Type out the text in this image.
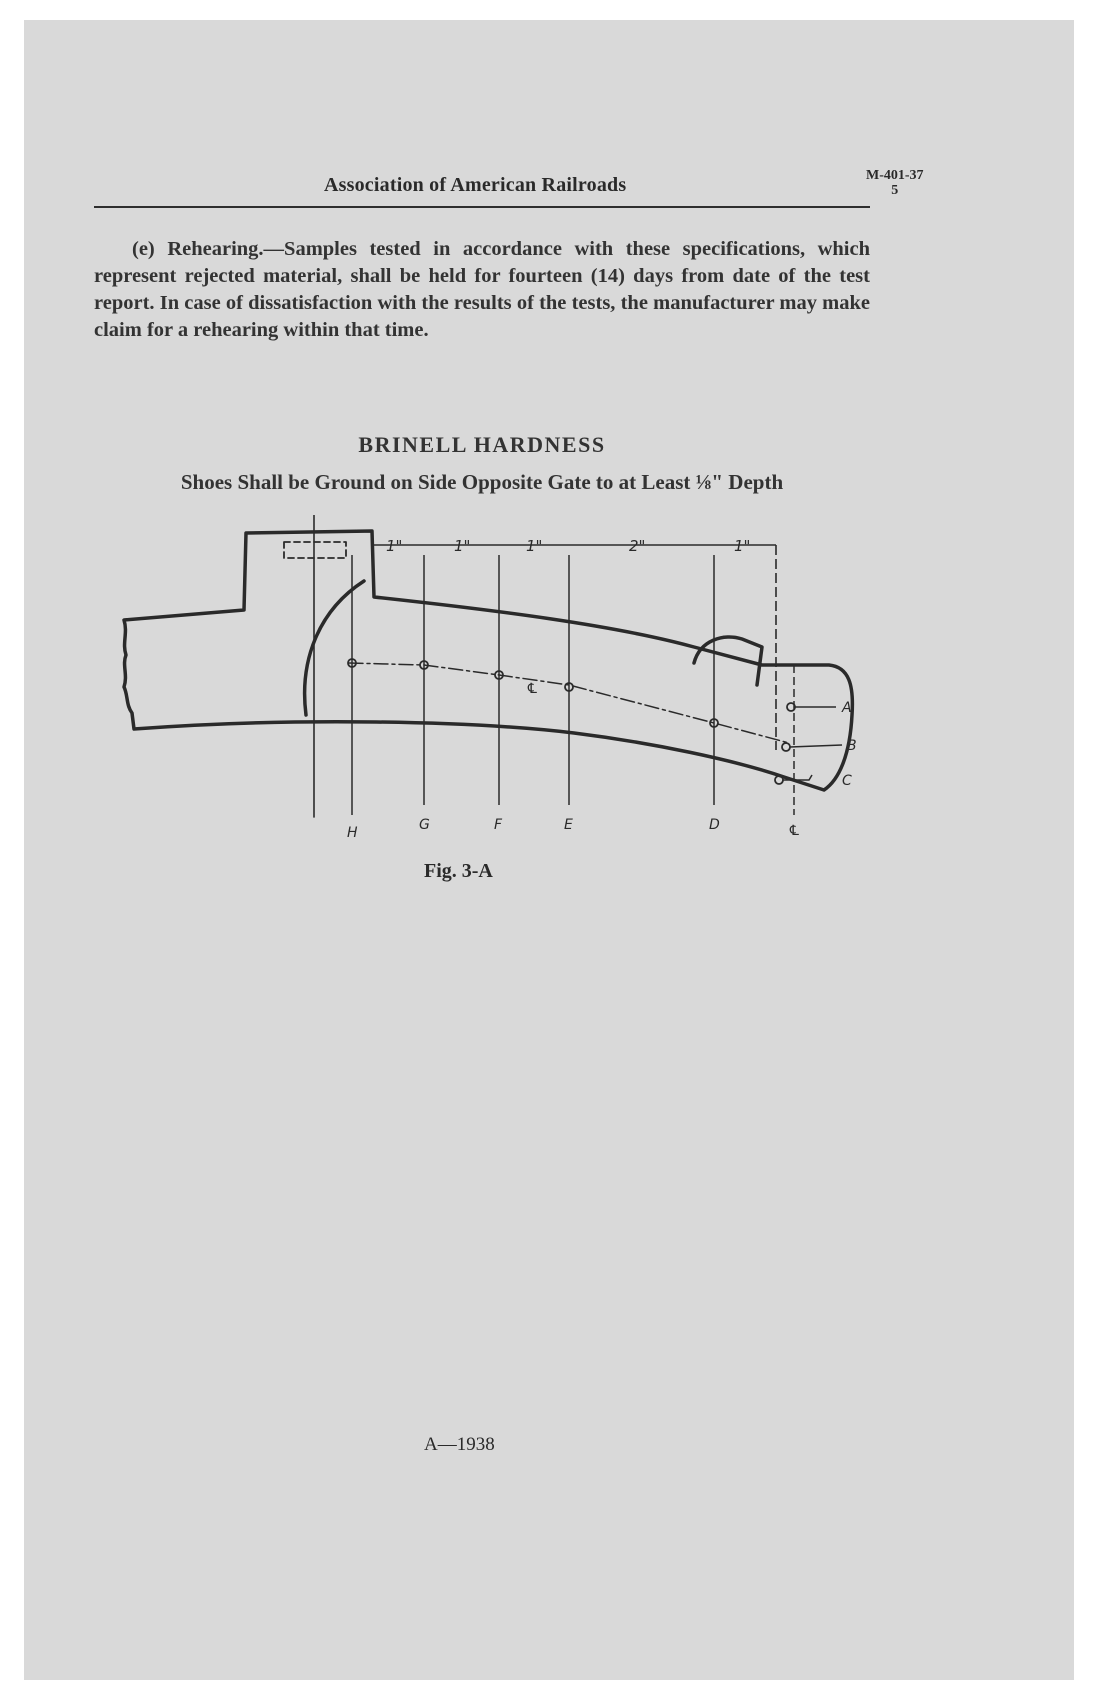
Association of American Railroads	M-401-37
5
(e) Rehearing.—Samples tested in accordance with these specifications, which represent rejected material, shall be held for fourteen (14) days from date of the test report. In case of dissatisfaction with the results of the tests, the manufacturer may make claim for a rehearing within that time.
BRINELL HARDNESS
Shoes Shall be Ground on Side Opposite Gate to at Least ⅛" Depth
1"	1"	1"	2"	1"
℄
H	G	F	E	D	℄
A
B
C
Fig. 3-A
A—1938
